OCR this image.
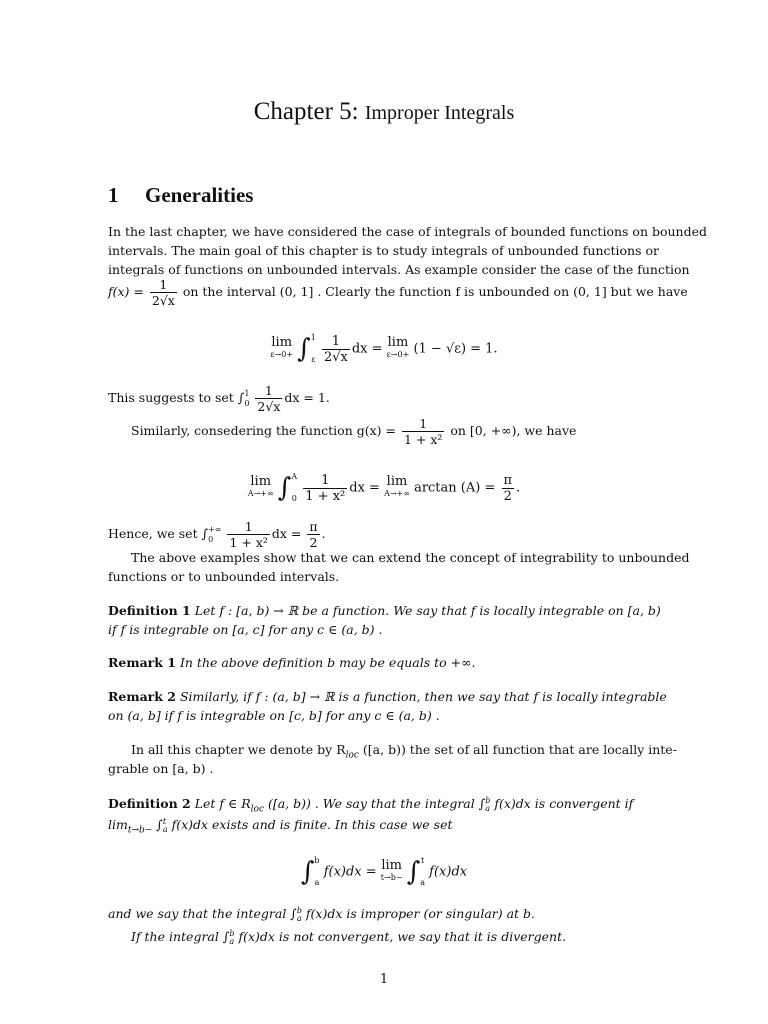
Chapter 5: Improper Integrals
1 Generalities
In the last chapter, we have considered the case of integrals of bounded functions on bounded
intervals. The main goal of this chapter is to study integrals of unbounded functions or
integrals of functions on unbounded intervals. As example consider the case of the function
$f(x) = \frac{1}{2√x}$ on the interval (0, 1] . Clearly the function f is unbounded on (0, 1] but we have
lim
ε→0+ ∫ 1
ε
$\frac{1}{2√x}$ dx = lim
ε→0+ (1 − √ε) = 1.
This suggests to set ∫ 1
0
$\frac{1}{2√x}$ dx = 1.
Similarly, consedering the function $g(x) = \frac{1}{\text{1 + x²}}$ on [0, +∞), we have
lim
A→+∞ ∫ A
0
$\frac{1}{\text{1 + x²}}$ dx = lim
A→+∞ $\arctan (A) = \frac{\pi}{2}$ .
Hence, we set ∫ +∞
0
	$\frac{1}{\text{1 + x²}}$ dx = $\frac{\pi}{2}$ .
The above examples show that we can extend the concept of integrability to unbounded
functions or to unbounded intervals.
Definition 1 Let f : [a, b) → ℝ be a function. We say that f is locally integrable on [a, b)
if f is integrable on [a, c] for any c ∈ (a, b) .
Remark 1 In the above definition b may be equals to +∞.
Remark 2 Similarly, if f : (a, b] → ℝ is a function, then we say that f is locally integrable
on (a, b] if f is integrable on [c, b] for any c ∈ (a, b) .
In all this chapter we denote by $R_{loc}$ ([a, b)) the set of all function that are locally inte-
grable on [a, b) .
Definition 2 Let f ∈ $R_{loc}$ ([a, b)) . We say that the integral ∫ b
a f(x)dx is convergent if
$\lim_{t\to b-}$ ∫ t
a f(x)dx exists and is finite. In this case we set
∫ b
a
f(x)dx = lim
t→b− ∫ t
a
f(x)dx
and we say that the integral ∫ b
a f(x)dx is improper (or singular) at b.
If the integral ∫ b
a f(x)dx is not convergent, we say that it is divergent.
1
